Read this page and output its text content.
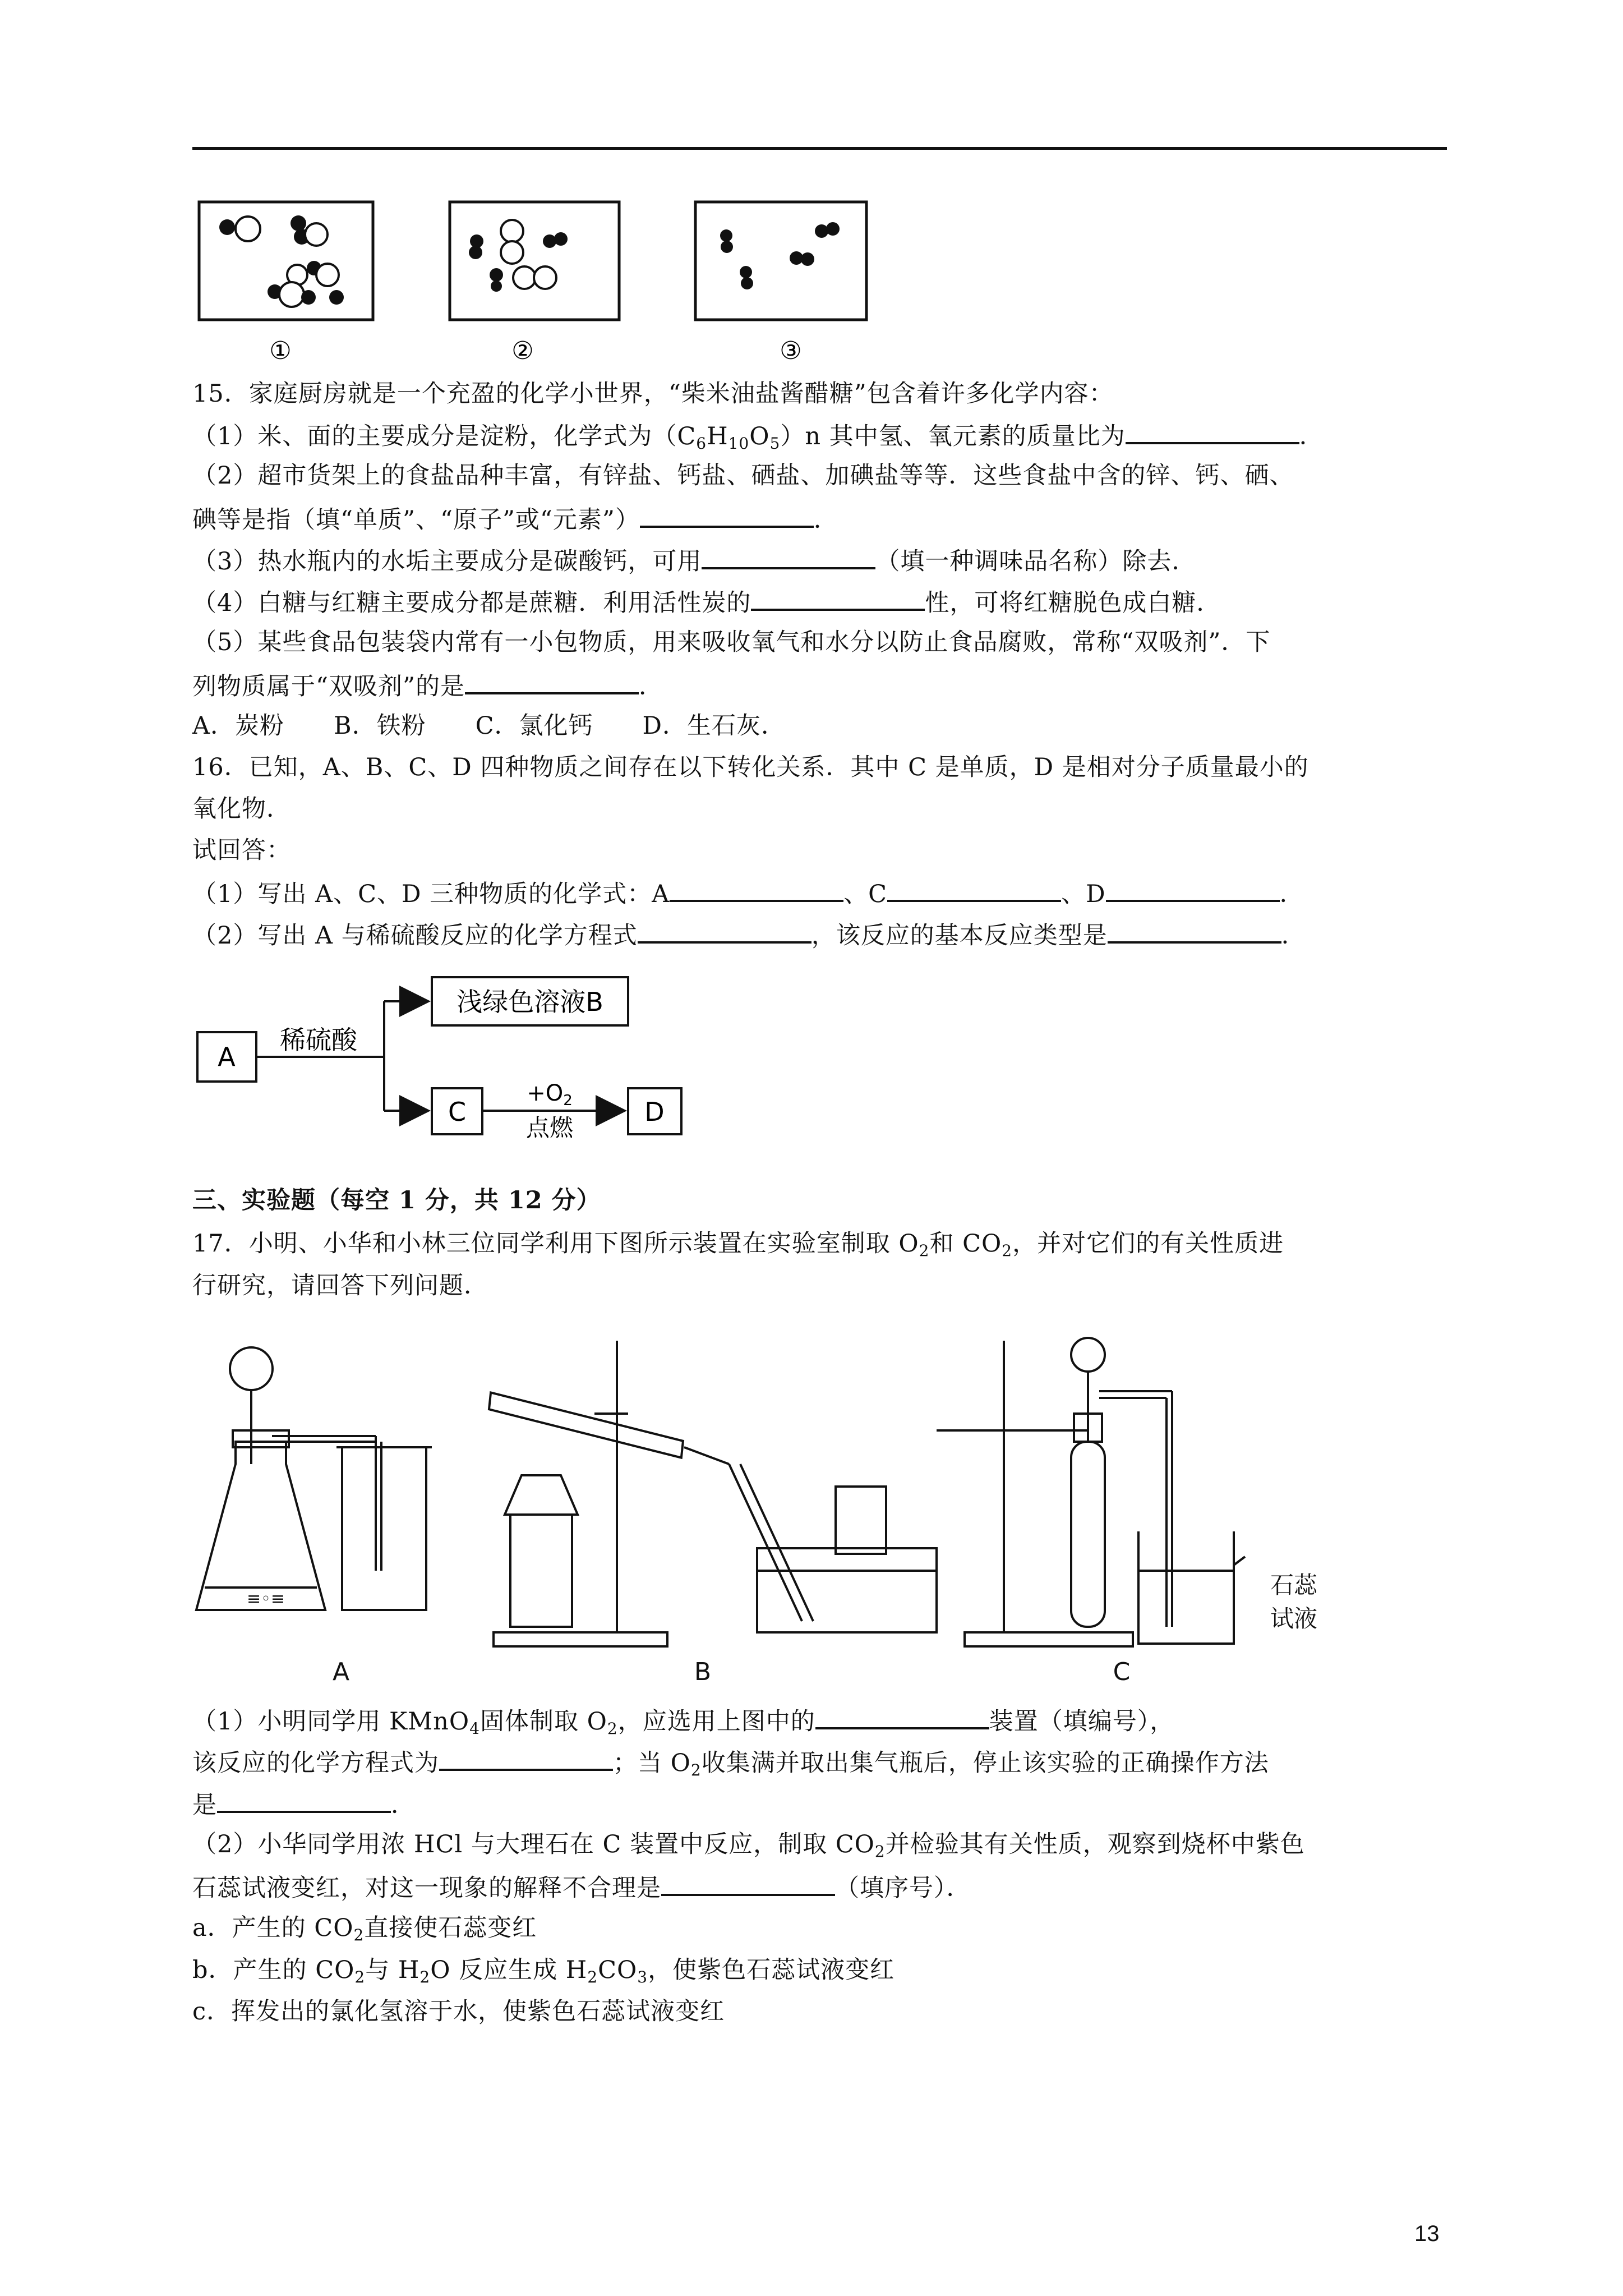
①	②	③
15．家庭厨房就是一个充盈的化学小世界，“柴米油盐酱醋糖”包含着许多化学内容：
（1）米、面的主要成分是淀粉，化学式为$(C_6H_{10}O_5)n$ 其中氢、氧元素的质量比为	．
（2）超市货架上的食盐品种丰富，有锌盐、钙盐、硒盐、加碘盐等等．这些食盐中含的锌、钙、硒、
碘等是指（填“单质”、“原子”或“元素”）	．
（3）热水瓶内的水垢主要成分是碳酸钙，可用	（填一种调味品名称）除去．
（4）白糖与红糖主要成分都是蔗糖．利用活性炭的	性，可将红糖脱色成白糖．
（5）某些食品包装袋内常有一小包物质，用来吸收氧气和水分以防止食品腐败，常称“双吸剂”．下
列物质属于“双吸剂”的是	．
A．炭粉　　B．铁粉　　C．氯化钙　　D．生石灰．
16．已知，A、B、C、D 四种物质之间存在以下转化关系．其中 C 是单质，D 是相对分子质量最小的
氧化物．
试回答：
（1）写出 A、C、D 三种物质的化学式：A	、C	、D	．
（2）写出 A 与稀硫酸反应的化学方程式	，该反应的基本反应类型是	．
A
稀硫酸
浅绿色溶液B
C
$+O_2$
点燃
D
三、实验题（每空 1 分，共 12 分）
17．小明、小华和小林三位同学利用下图所示装置在实验室制取 $O_2$和 $CO_2$，并对它们的有关性质进
行研究，请回答下列问题．
≡◦≡
石蕊
试液
A	B	C
（1）小明同学用 KMnO$_4$固体制取 $O_2$，应选用上图中的	装置（填编号），
该反应的化学方程式为	；当 $O_2$收集满并取出集气瓶后，停止该实验的正确操作方法
是	．
（2）小华同学用浓 HCl 与大理石在 C 装置中反应，制取 $CO_2$并检验其有关性质，观察到烧杯中紫色
石蕊试液变红，对这一现象的解释不合理是	（填序号）．
a．产生的 $CO_2$直接使石蕊变红
b．产生的 $CO_2$与 $H_2O$ 反应生成 $H_2CO_3$，使紫色石蕊试液变红
c．挥发出的氯化氢溶于水，使紫色石蕊试液变红
13
